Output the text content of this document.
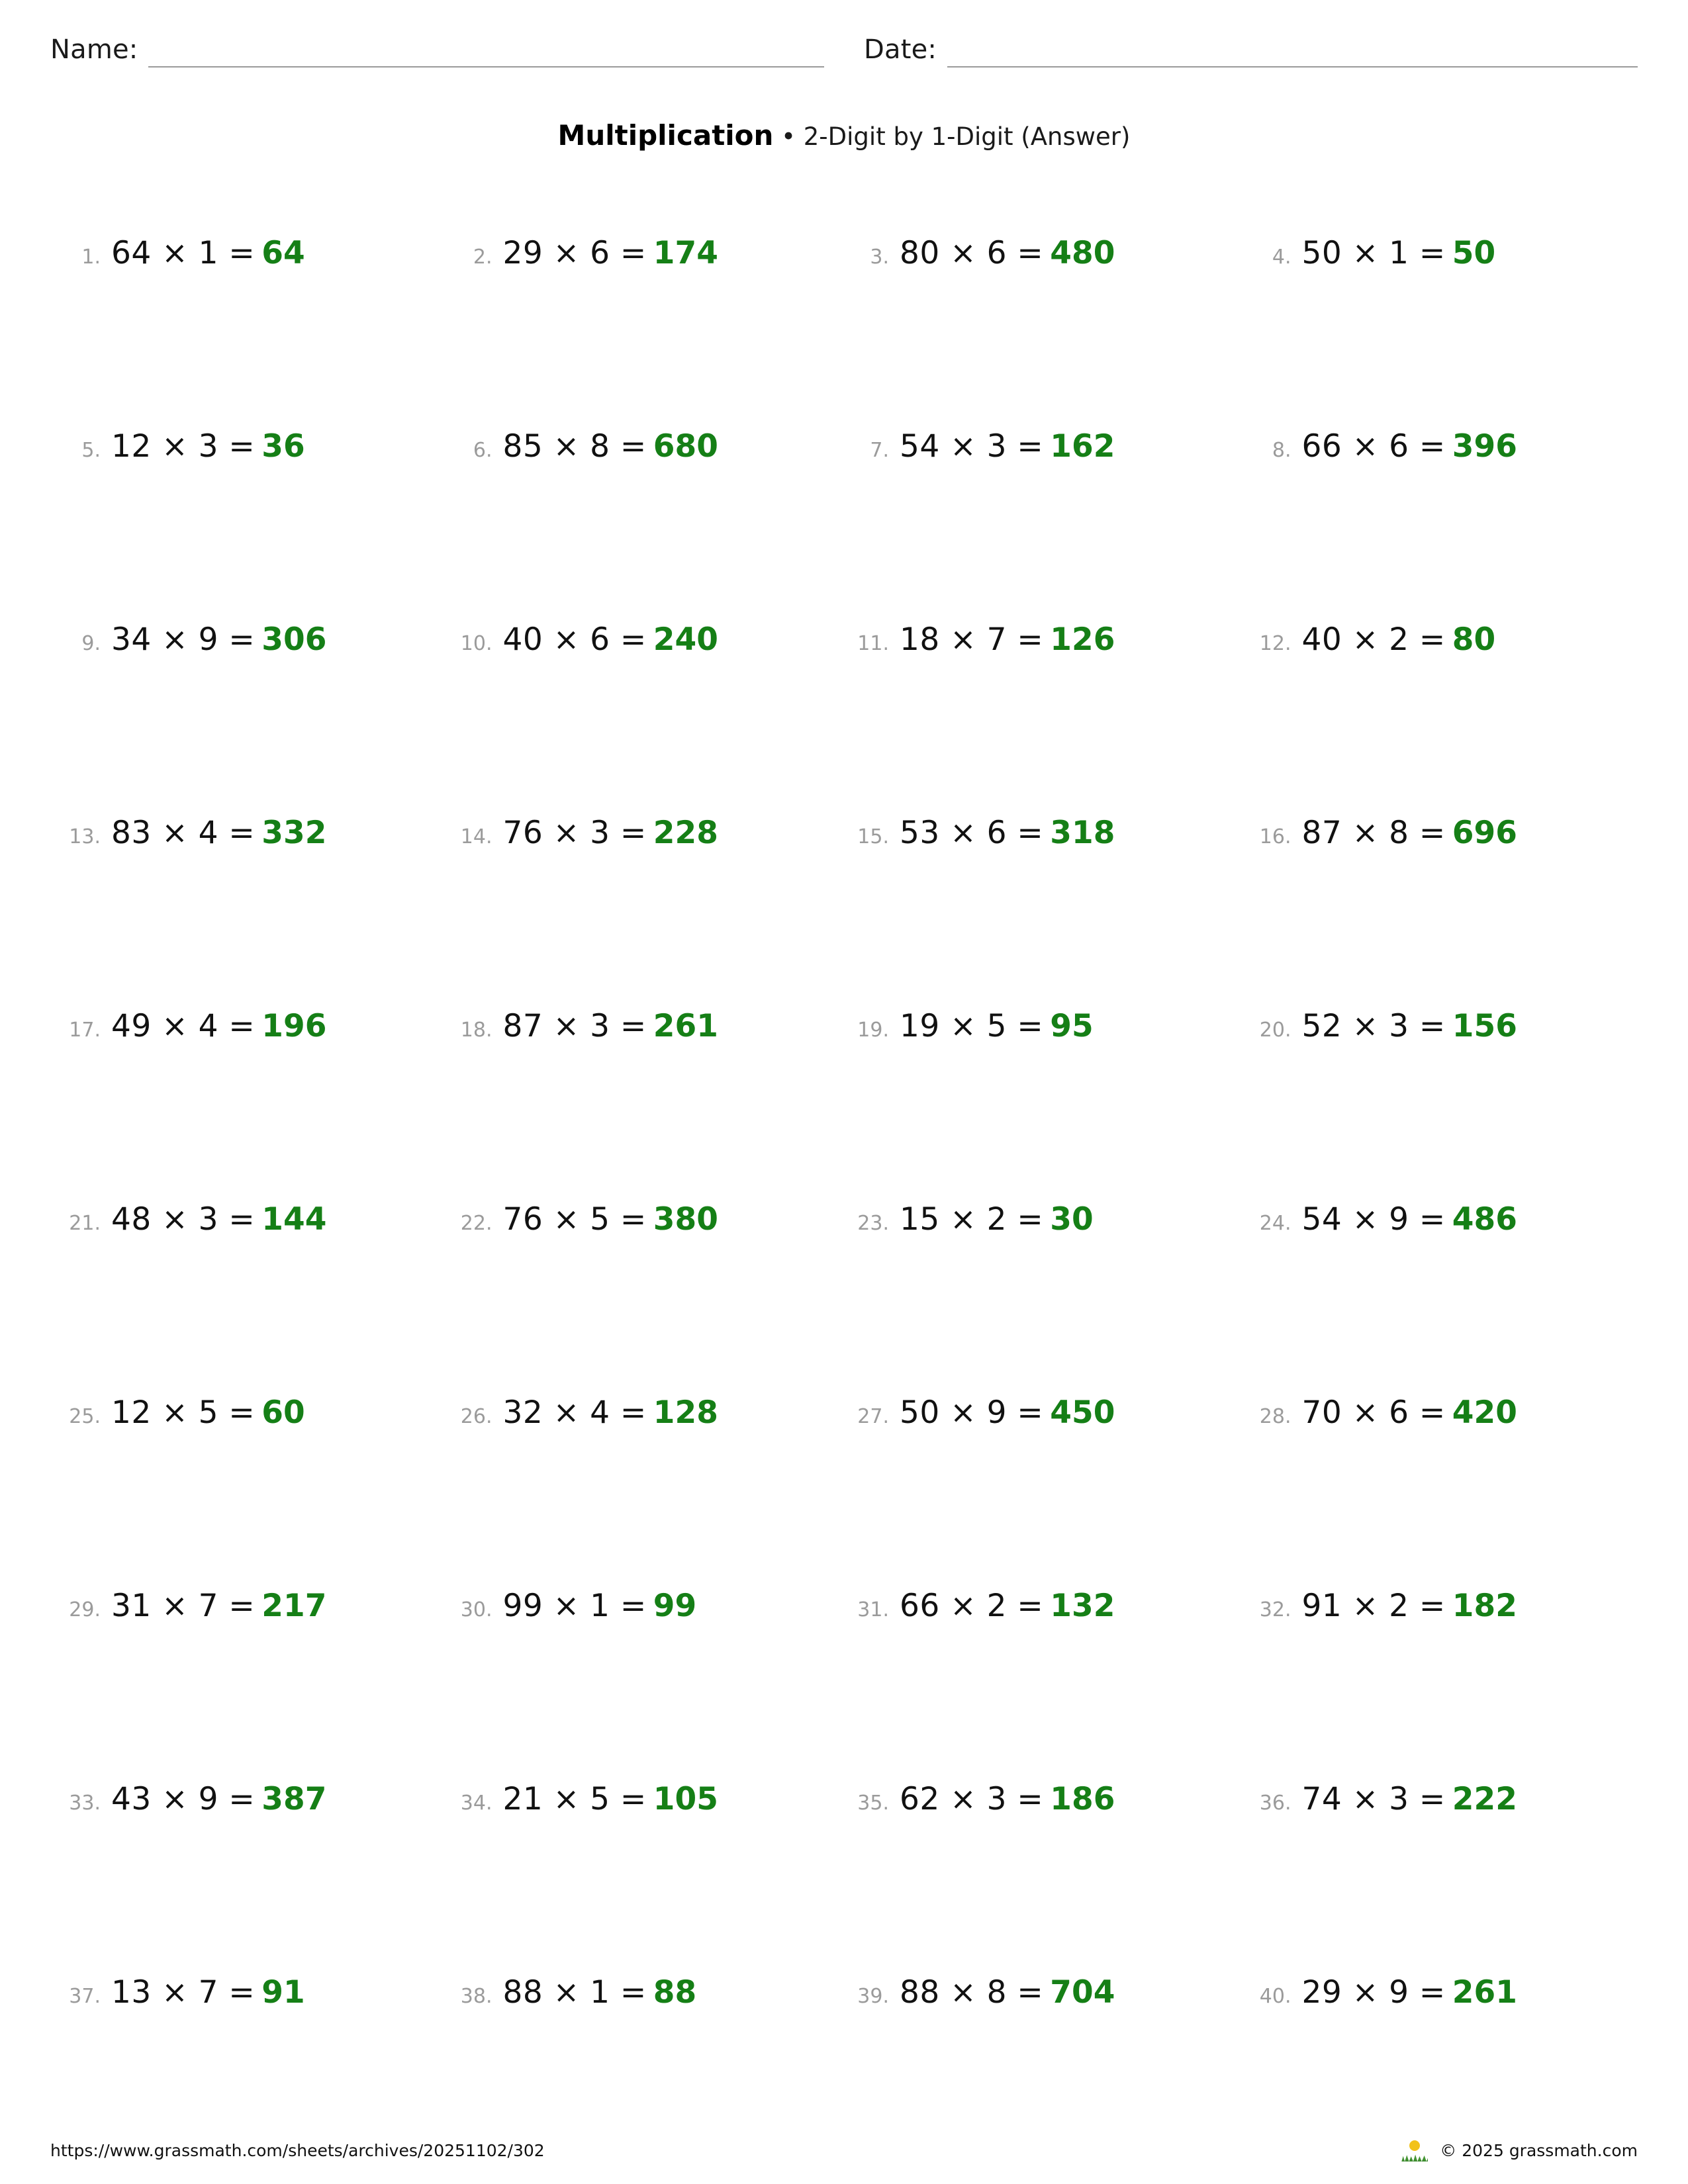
Name:	Date:
Multiplication • 2-Digit by 1-Digit (Answer)
1. 64 × 1 = 64	2. 29 × 6 = 174	3. 80 × 6 = 480	4. 50 × 1 = 50
5. 12 × 3 = 36	6. 85 × 8 = 680	7. 54 × 3 = 162	8. 66 × 6 = 396
9. 34 × 9 = 306	10. 40 × 6 = 240	11. 18 × 7 = 126	12. 40 × 2 = 80
13. 83 × 4 = 332	14. 76 × 3 = 228	15. 53 × 6 = 318	16. 87 × 8 = 696
17. 49 × 4 = 196	18. 87 × 3 = 261	19. 19 × 5 = 95	20. 52 × 3 = 156
21. 48 × 3 = 144	22. 76 × 5 = 380	23. 15 × 2 = 30	24. 54 × 9 = 486
25. 12 × 5 = 60	26. 32 × 4 = 128	27. 50 × 9 = 450	28. 70 × 6 = 420
29. 31 × 7 = 217	30. 99 × 1 = 99	31. 66 × 2 = 132	32. 91 × 2 = 182
33. 43 × 9 = 387	34. 21 × 5 = 105	35. 62 × 3 = 186	36. 74 × 3 = 222
37. 13 × 7 = 91	38. 88 × 1 = 88	39. 88 × 8 = 704	40. 29 × 9 = 261
https://www.grassmath.com/sheets/archives/20251102/302	© 2025 grassmath.com
